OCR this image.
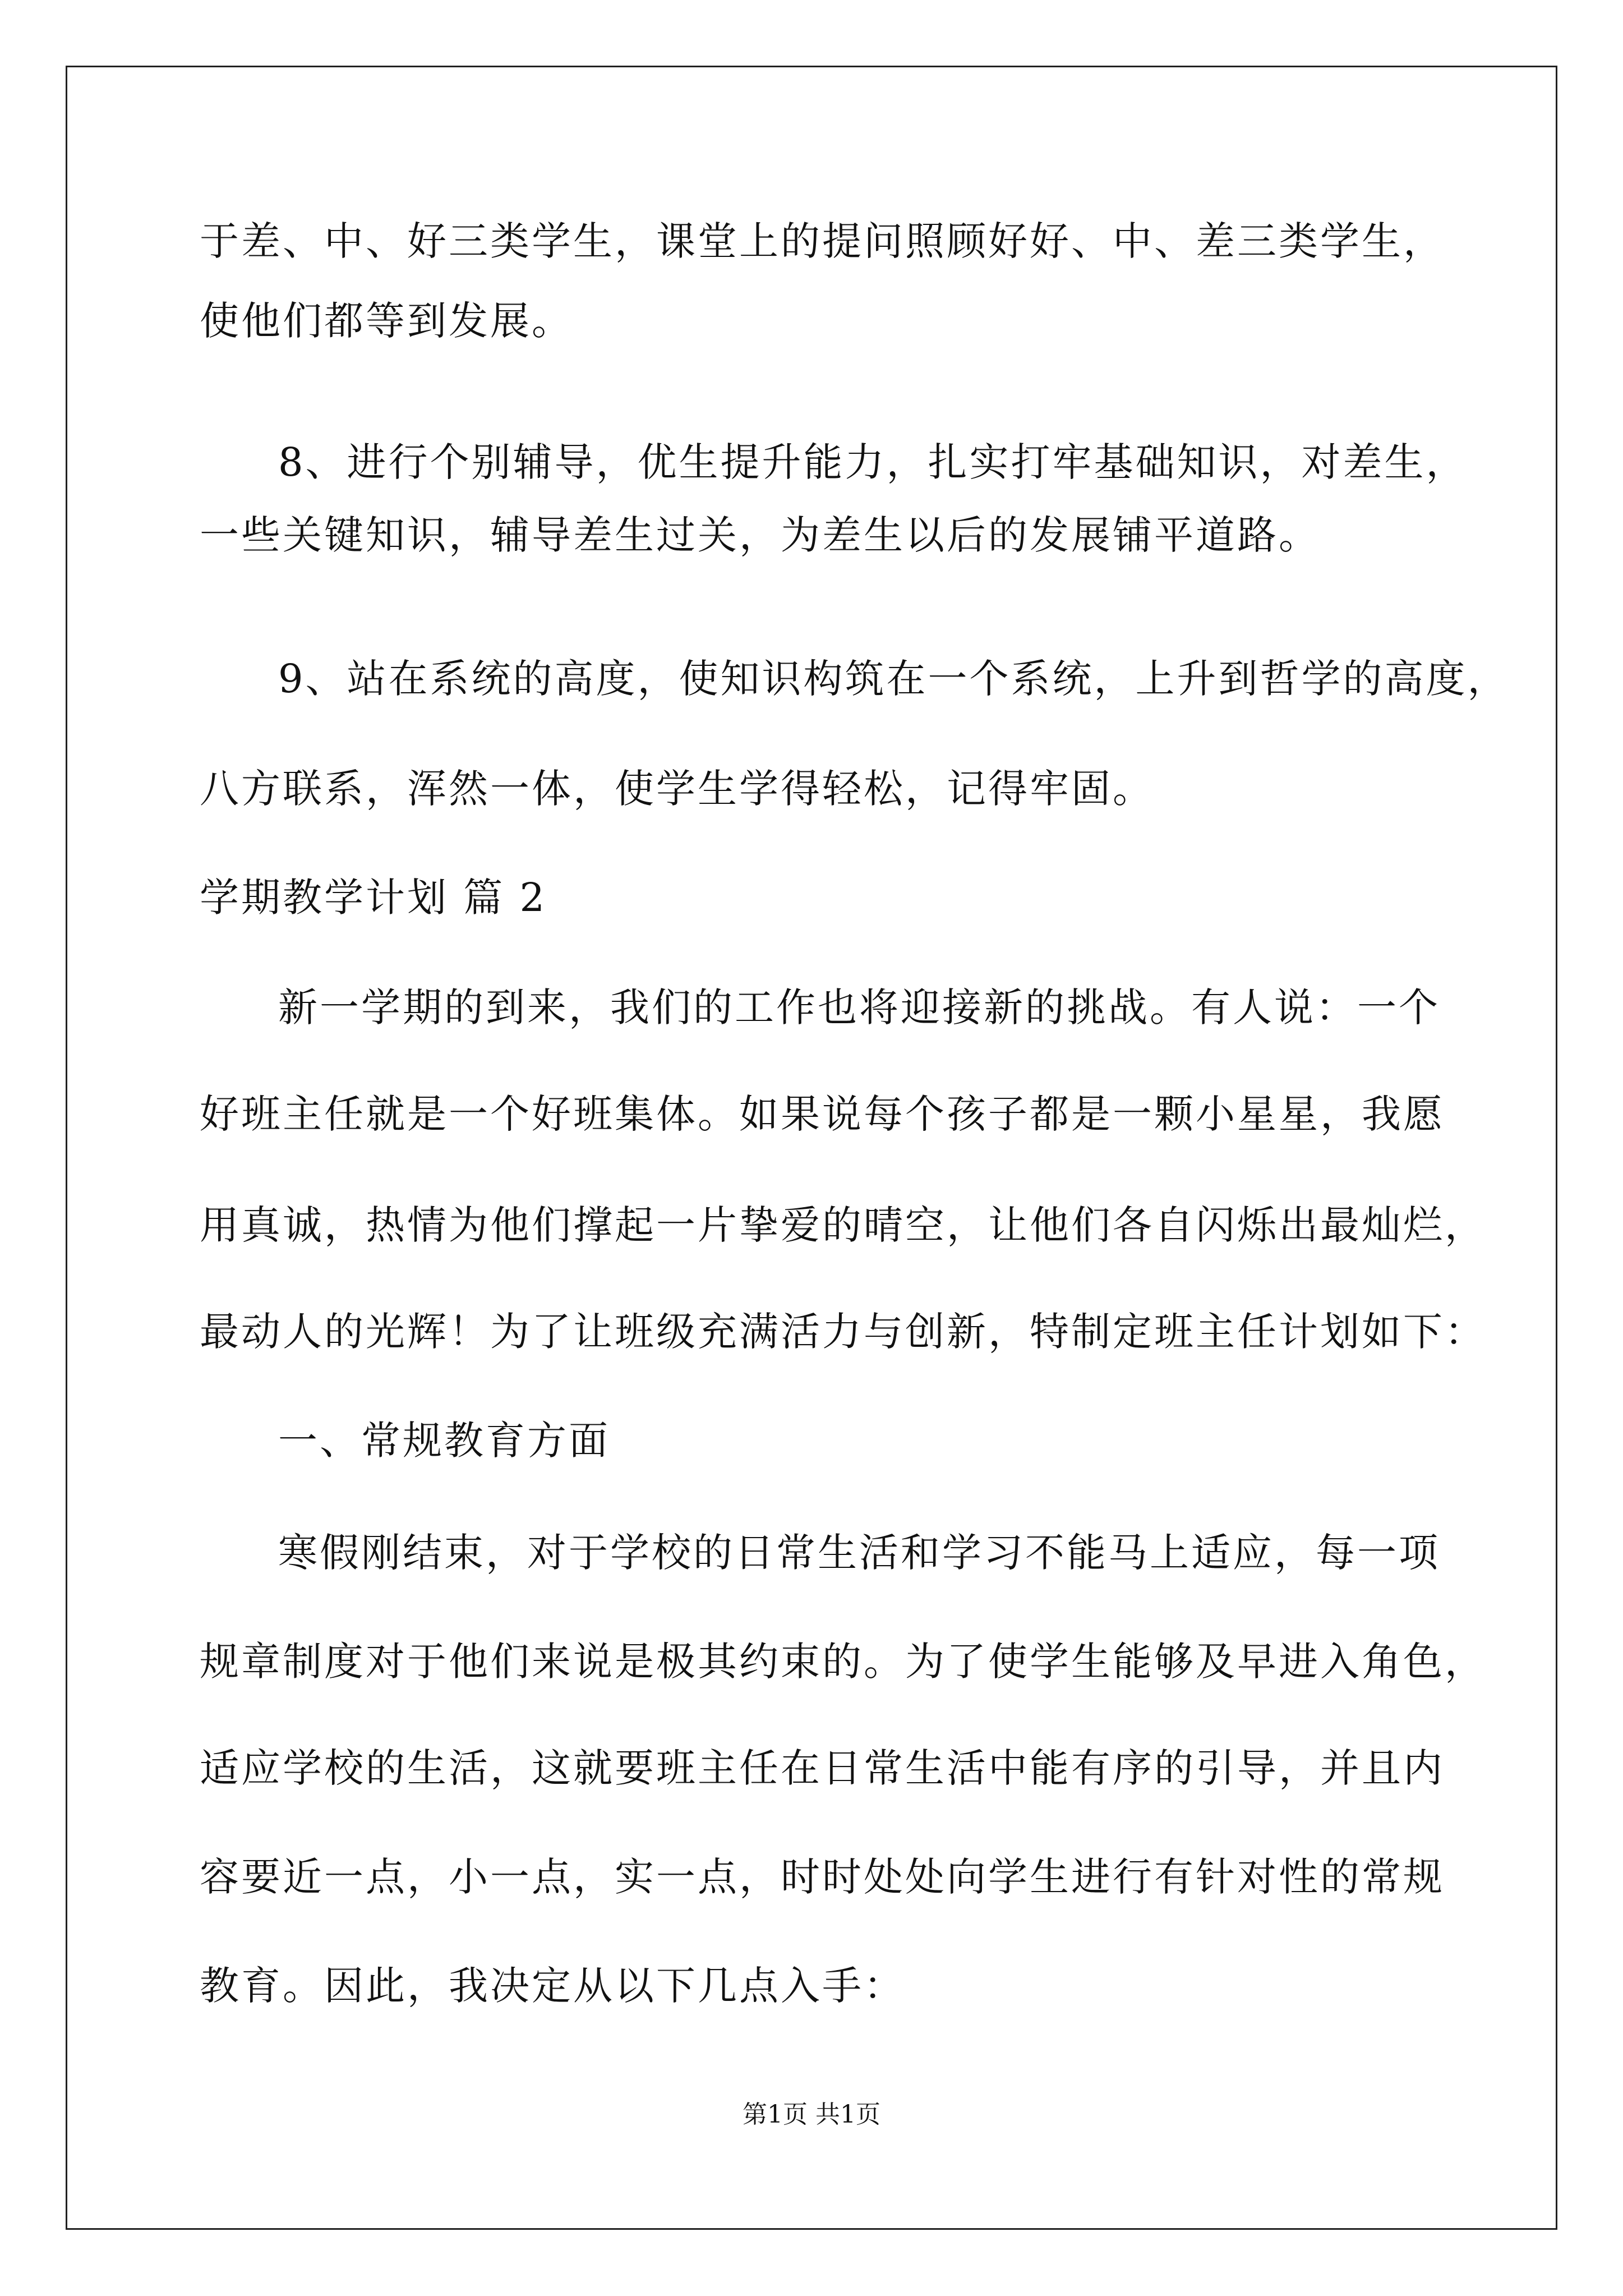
于差、中、好三类学生，课堂上的提问照顾好好、中、差三类学生，
使他们都等到发展。
8、进行个别辅导，优生提升能力，扎实打牢基础知识，对差生，
一些关键知识，辅导差生过关，为差生以后的发展铺平道路。
9、站在系统的高度，使知识构筑在一个系统，上升到哲学的高度，
八方联系，浑然一体，使学生学得轻松，记得牢固。
学期教学计划 篇 2
新一学期的到来，我们的工作也将迎接新的挑战。有人说：一个
好班主任就是一个好班集体。如果说每个孩子都是一颗小星星，我愿
用真诚，热情为他们撑起一片挚爱的晴空，让他们各自闪烁出最灿烂，
最动人的光辉！为了让班级充满活力与创新，特制定班主任计划如下：
一、常规教育方面
寒假刚结束，对于学校的日常生活和学习不能马上适应，每一项
规章制度对于他们来说是极其约束的。为了使学生能够及早进入角色，
适应学校的生活，这就要班主任在日常生活中能有序的引导，并且内
容要近一点，小一点，实一点，时时处处向学生进行有针对性的常规
教育。因此，我决定从以下几点入手：
第1页 共1页
